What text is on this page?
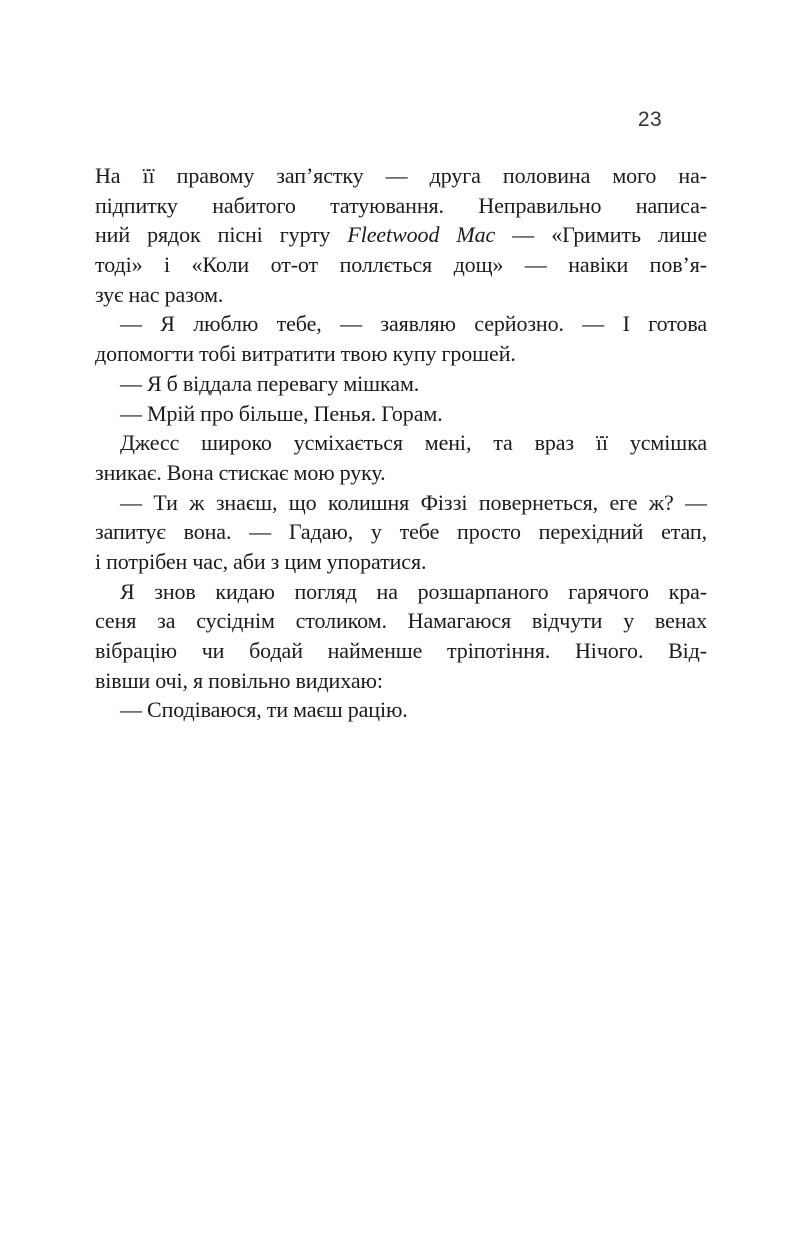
23
На її правому зап’ястку — друга половина мого на-
підпитку набитого татуювання. Неправильно написа-
ний рядок пісні гурту Fleetwood Mac — «Гримить лише
тоді» і «Коли от-от поллється дощ» — навіки пов’я-
зує нас разом.
— Я люблю тебе, — заявляю серйозно. — І готова
допомогти тобі витратити твою купу грошей.
— Я б віддала перевагу мішкам.
— Мрій про більше, Пенья. Горам.
Джесс широко усміхається мені, та враз її усмішка
зникає. Вона стискає мою руку.
— Ти ж знаєш, що колишня Фіззі повернеться, еге ж? —
запитує вона. — Гадаю, у тебе просто перехідний етап,
і потрібен час, аби з цим упоратися.
Я знов кидаю погляд на розшарпаного гарячого кра-
сеня за сусіднім столиком. Намагаюся відчути у венах
вібрацію чи бодай найменше тріпотіння. Нічого. Від-
вівши очі, я повільно видихаю:
— Сподіваюся, ти маєш рацію.
